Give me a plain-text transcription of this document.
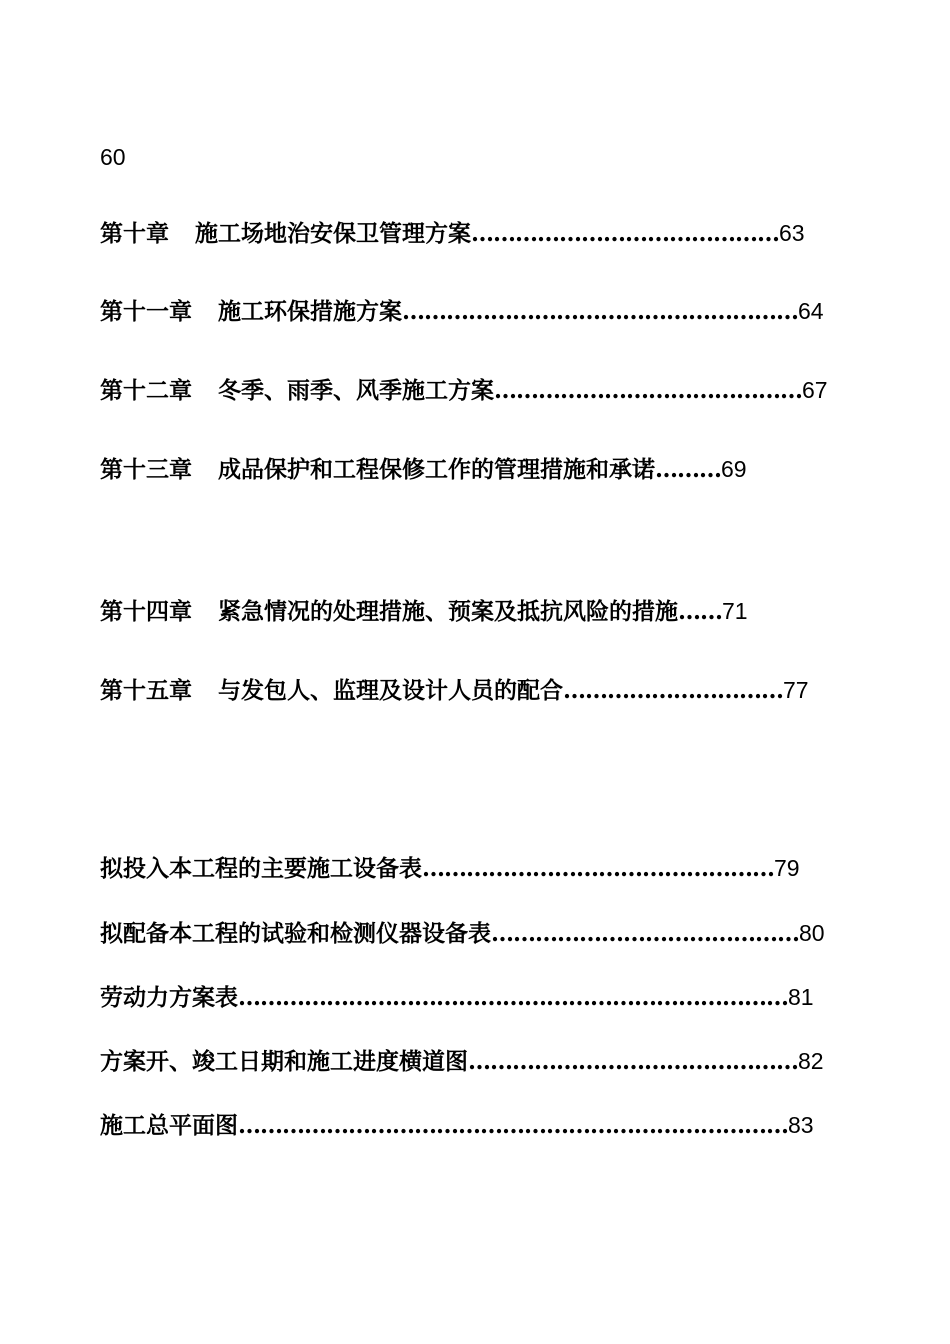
60
第十章 施工场地治安保卫管理方案……………………………………63
第十一章 施工环保措施方案………………………………………………64
第十二章 冬季、雨季、风季施工方案……………………………………67
第十三章 成品保护和工程保修工作的管理措施和承诺………69
第十四章 紧急情况的处理措施、预案及抵抗风险的措施……71
第十五章 与发包人、监理及设计人员的配合…………………………77
拟投入本工程的主要施工设备表…………………………………………79
拟配备本工程的试验和检测仪器设备表……………………………………80
劳动力方案表…………………………………………………………………81
方案开、竣工日期和施工进度横道图………………………………………82
施工总平面图…………………………………………………………………83
